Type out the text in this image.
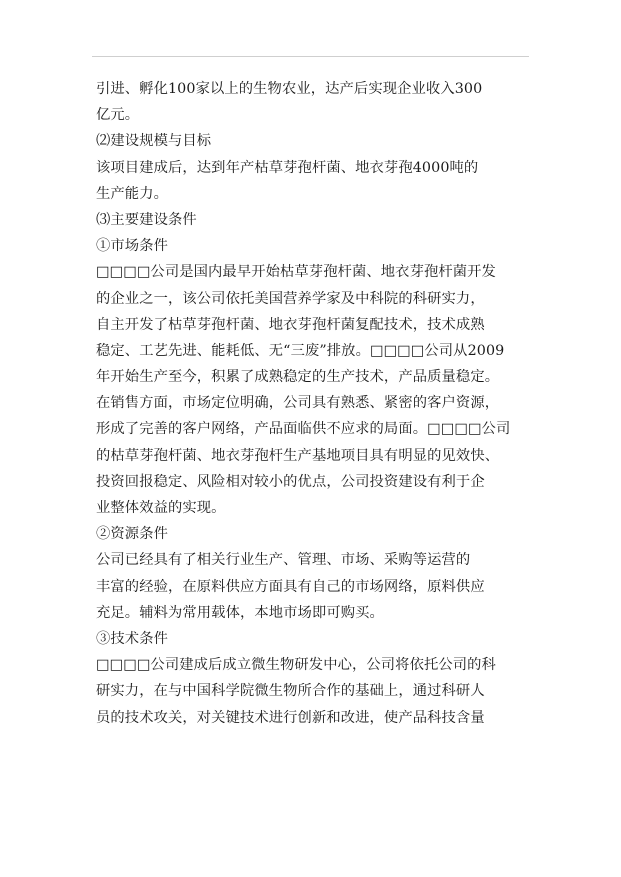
引进、孵化100家以上的生物农业，达产后实现企业收入300
亿元。
⑵建设规模与目标
该项目建成后，达到年产枯草芽孢杆菌、地衣芽孢4000吨的
生产能力。
⑶主要建设条件
①市场条件
□□□□公司是国内最早开始枯草芽孢杆菌、地衣芽孢杆菌开发
的企业之一，该公司依托美国营养学家及中科院的科研实力，
自主开发了枯草芽孢杆菌、地衣芽孢杆菌复配技术，技术成熟
稳定、工艺先进、能耗低、无“三废”排放。□□□□公司从2009
年开始生产至今，积累了成熟稳定的生产技术，产品质量稳定。
在销售方面，市场定位明确，公司具有熟悉、紧密的客户资源，
形成了完善的客户网络，产品面临供不应求的局面。□□□□公司
的枯草芽孢杆菌、地衣芽孢杆生产基地项目具有明显的见效快、
投资回报稳定、风险相对较小的优点，公司投资建设有利于企
业整体效益的实现。
②资源条件
公司已经具有了相关行业生产、管理、市场、采购等运营的
丰富的经验，在原料供应方面具有自己的市场网络，原料供应
充足。辅料为常用载体，本地市场即可购买。
③技术条件
□□□□公司建成后成立微生物研发中心，公司将依托公司的科
研实力，在与中国科学院微生物所合作的基础上，通过科研人
员的技术攻关，对关键技术进行创新和改进，使产品科技含量
